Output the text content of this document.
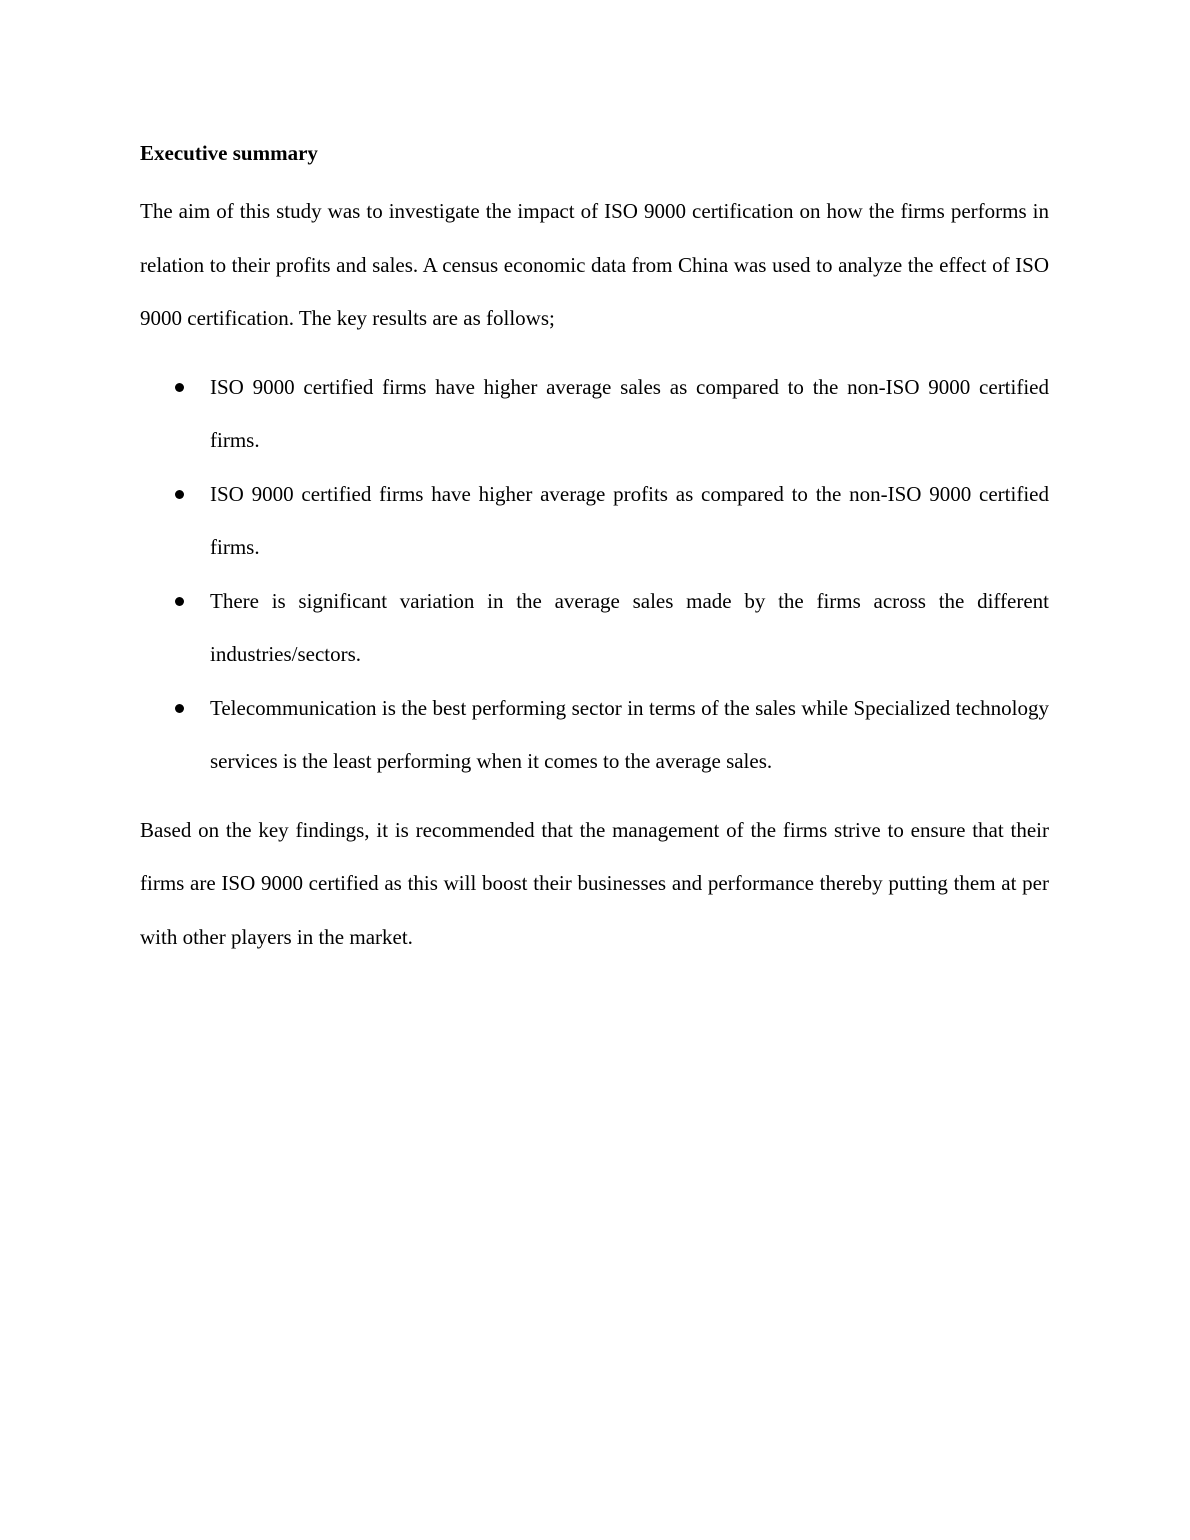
Executive summary

The aim of this study was to investigate the impact of ISO 9000 certification on how the firms performs in relation to their profits and sales. A census economic data from China was used to analyze the effect of ISO 9000 certification. The key results are as follows;

ISO 9000 certified firms have higher average sales as compared to the non-ISO 9000 certified firms.
ISO 9000 certified firms have higher average profits as compared to the non-ISO 9000 certified firms.
There is significant variation in the average sales made by the firms across the different industries/sectors.
Telecommunication is the best performing sector in terms of the sales while Specialized technology services is the least performing when it comes to the average sales.

Based on the key findings, it is recommended that the management of the firms strive to ensure that their firms are ISO 9000 certified as this will boost their businesses and performance thereby putting them at per with other players in the market.
